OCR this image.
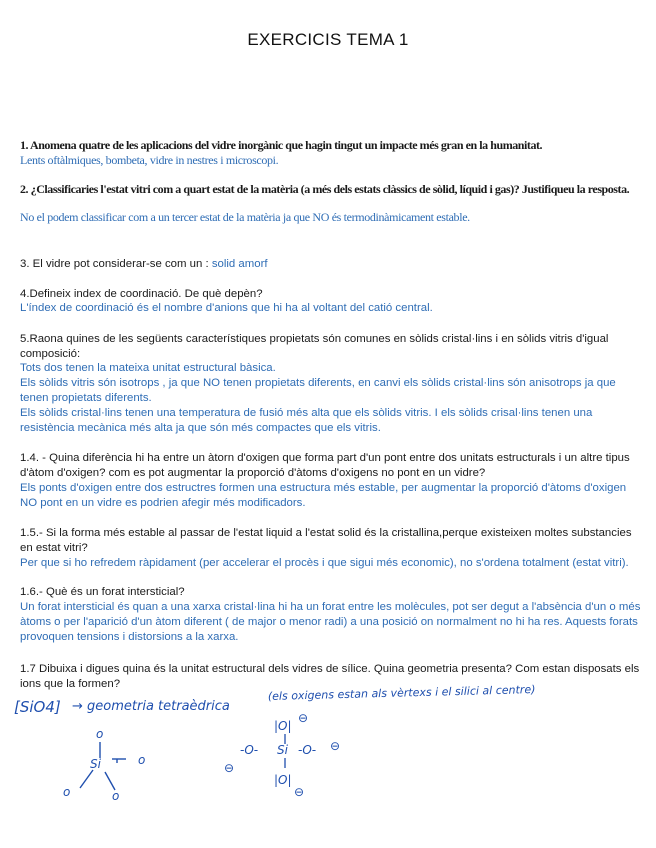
EXERCICIS TEMA 1
1. Anomena quatre de les aplicacions del vidre inorgànic que hagin tingut un impacte més gran en la humanitat.
Lents oftàlmiques, bombeta, vidre in nestres i microscopi.
2. ¿Classificaries l'estat vitri com a quart estat de la matèria (a més dels estats clàssics de sòlid, líquid i gas)? Justifiqueu la resposta.
No el podem classificar com a un tercer estat de la matèria ja que NO és termodinàmicament estable.
3. El vidre pot considerar-se com un : solid amorf
4.Defineix index de coordinació. De què depèn?
L'índex de coordinació és el nombre d'anions que hi ha al voltant del catió central.
5.Raona quines de les següents característiques propietats són comunes en sòlids cristal·lins i en sòlids vitris d'igual composició:
Tots dos tenen la mateixa unitat estructural bàsica.
Els sòlids vitris són isotrops , ja que NO tenen propietats diferents, en canvi els sòlids cristal·lins són anisotrops ja que tenen propietats diferents.
Els sòlids cristal·lins tenen una temperatura de fusió més alta que els sòlids vitris. I els sòlids crisal·lins tenen una resistència mecànica més alta ja que són més compactes que els vitris.
1.4. - Quina diferència hi ha entre un àtorn d'oxigen que forma part d'un pont entre dos unitats estructurals i un altre tipus d'àtom d'oxigen? com es pot augmentar la proporció d'àtoms d'oxigens no pont en un vidre?
Els ponts d'oxigen entre dos estructres formen una estructura més estable, per augmentar la proporció d'àtoms d'oxigen NO pont en un vidre es podrien afegir més modificadors.
1.5.- Si la forma més estable al passar de l'estat liquid a l'estat solid és la cristallina,perque existeixen moltes substancies en estat vitri?
Per que si ho refredem ràpidament (per accelerar el procès i que sigui més economic), no s'ordena totalment (estat vitri).
1.6.- Què és un forat intersticial?
Un forat intersticial és quan a una xarxa cristal·lina hi ha un forat entre les molècules, pot ser degut a l'absència d'un o més àtoms o per l'aparició d'un àtom diferent ( de major o menor radi) a una posició on normalment no hi ha res. Aquests forats provoquen tensions i distorsions a la xarxa.
1.7 Dibuixa i digues quina és la unitat estructural dels vidres de sílice. Quina geometria presenta? Com estan disposats els ions que la formen?
[SiO4] → geometria tetraèdrica
(els oxigens estan als vèrtexs i el silici al centre)
o
Si	o
o	o
|O|
⊖
-O- Si -O-
⊖
⊖
|O|
⊖
